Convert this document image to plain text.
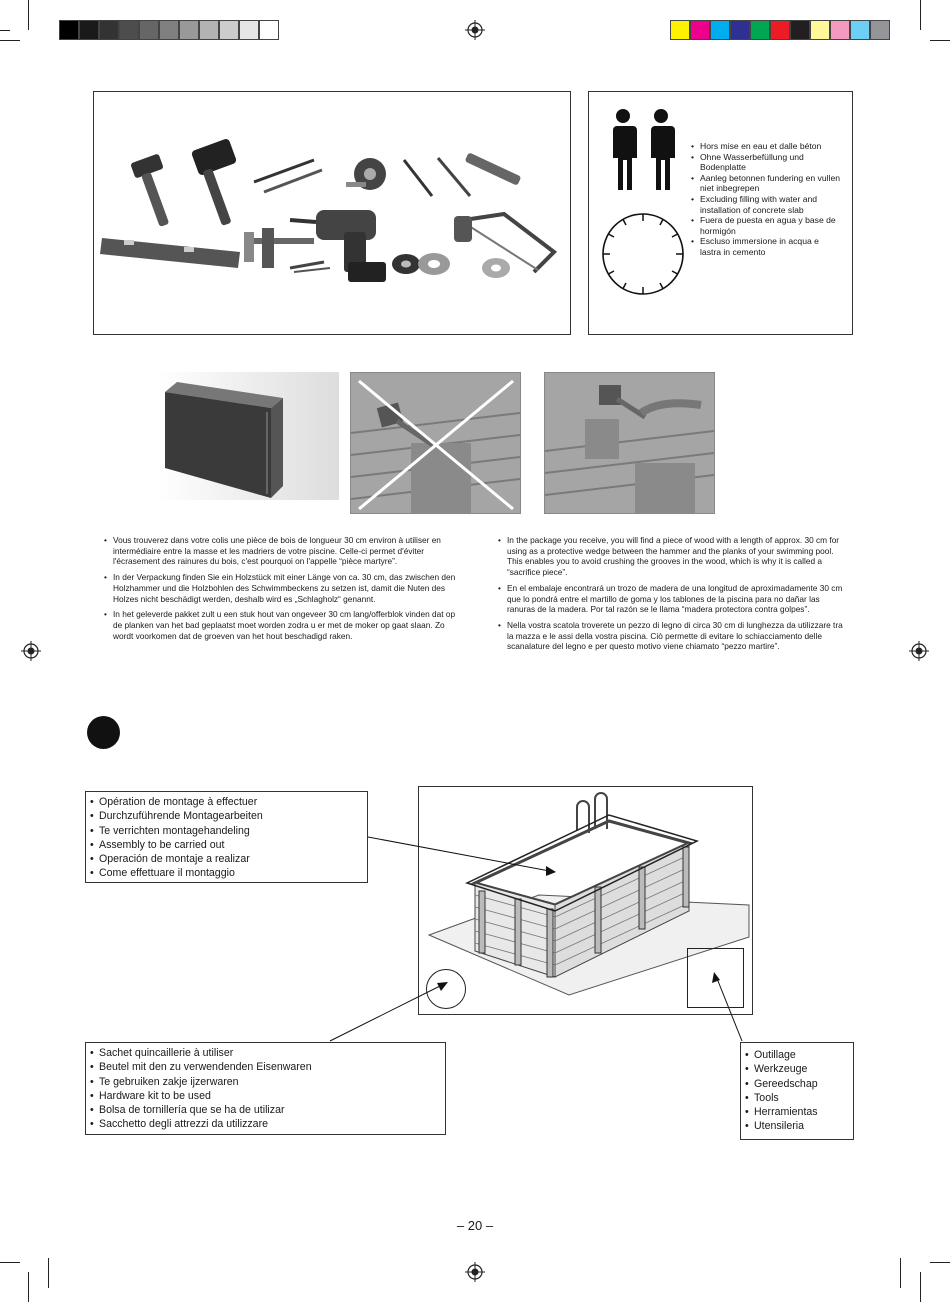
• Hors mise en eau et dalle béton
• Ohne Wasserbefüllung und Bodenplatte
• Aanleg betonnen fundering en vullen niet inbegrepen
• Excluding filling with water and installation of concrete slab
• Fuera de puesta en agua y base de hormigón
• Escluso immersione in acqua e lastra in cemento
• Vous trouverez dans votre colis une pièce de bois de longueur 30 cm environ à utiliser en intermédiaire entre la masse et les madriers de votre piscine. Celle-ci permet d'éviter l'écrasement des rainures du bois, c'est pourquoi on l'appelle “pièce martyre”.
• In der Verpackung finden Sie ein Holzstück mit einer Länge von ca. 30 cm, das zwischen den Holzhammer und die Holzbohlen des Schwimmbeckens zu setzen ist, damit die Nuten des Holzes nicht beschädigt werden, deshalb wird es „Schlagholz“ genannt.
• In het geleverde pakket zult u een stuk hout van ongeveer 30 cm lang/offerblok vinden dat op de planken van het bad geplaatst moet worden zodra u er met de moker op gaat slaan. Zo wordt voorkomen dat de groeven van het hout beschadigd raken.
• In the package you receive, you will find a piece of wood with a length of approx. 30 cm for using as a protective wedge between the hammer and the planks of your swimming pool. This enables you to avoid crushing the grooves in the wood, which is why it is called a “sacrifice piece”.
• En el embalaje encontrará un trozo de madera de una longitud de aproximadamente 30 cm que lo pondrá entre el martillo de goma y los tablones de la piscina para no dañar las ranuras de la madera. Por tal razón se le llama “madera protectora contra golpes”.
• Nella vostra scatola troverete un pezzo di legno di circa 30 cm di lunghezza da utilizzare tra la mazza e le assi della vostra piscina. Ciò permette di evitare lo schiacciamento delle scanalature del legno e per questo motivo viene chiamato “pezzo martire”.
• Opération de montage à effectuer
• Durchzuführende Montagearbeiten
• Te verrichten montagehandeling
• Assembly to be carried out
• Operación de montaje a realizar
• Come effettuare il montaggio
• Sachet quincaillerie à utiliser
• Beutel mit den zu verwendenden Eisenwaren
• Te gebruiken zakje ijzerwaren
• Hardware kit to be used
• Bolsa de tornillería que se ha de utilizar
• Sacchetto degli attrezzi da utilizzare
• Outillage
• Werkzeuge
• Gereedschap
• Tools
• Herramientas
• Utensileria
– 20 –
